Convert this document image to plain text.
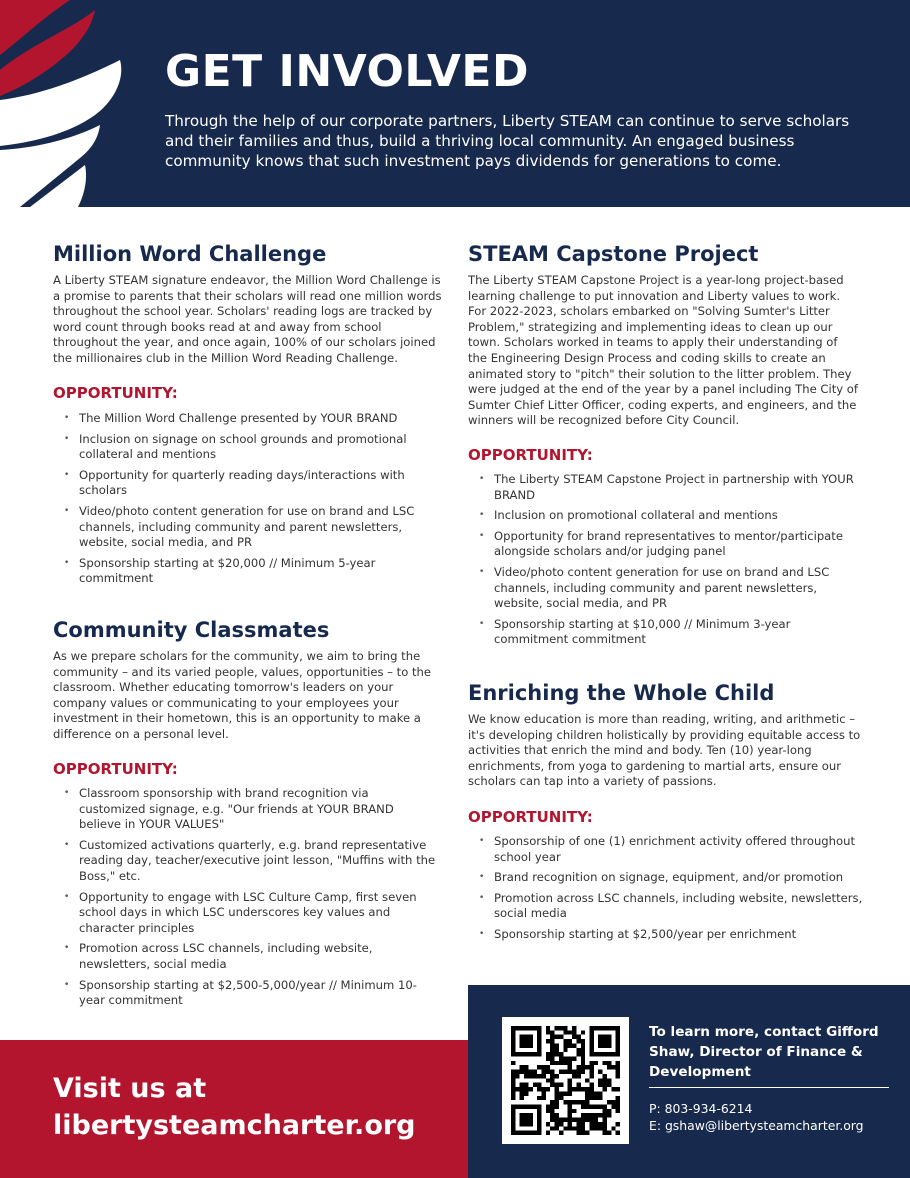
GET INVOLVED
Through the help of our corporate partners, Liberty STEAM can continue to serve scholars and their families and thus, build a thriving local community. An engaged business community knows that such investment pays dividends for generations to come.
Million Word Challenge
A Liberty STEAM signature endeavor, the Million Word Challenge is a promise to parents that their scholars will read one million words throughout the school year. Scholars' reading logs are tracked by word count through books read at and away from school throughout the year, and once again, 100% of our scholars joined the millionaires club in the Million Word Reading Challenge.
OPPORTUNITY:
• The Million Word Challenge presented by YOUR BRAND
• Inclusion on signage on school grounds and promotional collateral and mentions
• Opportunity for quarterly reading days/interactions with scholars
• Video/photo content generation for use on brand and LSC channels, including community and parent newsletters, website, social media, and PR
• Sponsorship starting at $20,000 // Minimum 5-year commitment
Community Classmates
As we prepare scholars for the community, we aim to bring the community – and its varied people, values, opportunities – to the classroom. Whether educating tomorrow's leaders on your company values or communicating to your employees your investment in their hometown, this is an opportunity to make a difference on a personal level.
OPPORTUNITY:
• Classroom sponsorship with brand recognition via customized signage, e.g. "Our friends at YOUR BRAND believe in YOUR VALUES"
• Customized activations quarterly, e.g. brand representative reading day, teacher/executive joint lesson, "Muffins with the Boss," etc.
• Opportunity to engage with LSC Culture Camp, first seven school days in which LSC underscores key values and character principles
• Promotion across LSC channels, including website, newsletters, social media
• Sponsorship starting at $2,500-5,000/year // Minimum 10-year commitment
STEAM Capstone Project
The Liberty STEAM Capstone Project is a year-long project-based learning challenge to put innovation and Liberty values to work. For 2022-2023, scholars embarked on "Solving Sumter's Litter Problem," strategizing and implementing ideas to clean up our town. Scholars worked in teams to apply their understanding of the Engineering Design Process and coding skills to create an animated story to "pitch" their solution to the litter problem. They were judged at the end of the year by a panel including The City of Sumter Chief Litter Officer, coding experts, and engineers, and the winners will be recognized before City Council.
OPPORTUNITY:
• The Liberty STEAM Capstone Project in partnership with YOUR BRAND
• Inclusion on promotional collateral and mentions
• Opportunity for brand representatives to mentor/participate alongside scholars and/or judging panel
• Video/photo content generation for use on brand and LSC channels, including community and parent newsletters, website, social media, and PR
• Sponsorship starting at $10,000 // Minimum 3-year commitment commitment
Enriching the Whole Child
We know education is more than reading, writing, and arithmetic – it's developing children holistically by providing equitable access to activities that enrich the mind and body. Ten (10) year-long enrichments, from yoga to gardening to martial arts, ensure our scholars can tap into a variety of passions.
OPPORTUNITY:
• Sponsorship of one (1) enrichment activity offered throughout school year
• Brand recognition on signage, equipment, and/or promotion
• Promotion across LSC channels, including website, newsletters, social media
• Sponsorship starting at $2,500/year per enrichment
Visit us at
libertysteamcharter.org
To learn more, contact Gifford Shaw, Director of Finance & Development
P: 803-934-6214
E: gshaw@libertysteamcharter.org
